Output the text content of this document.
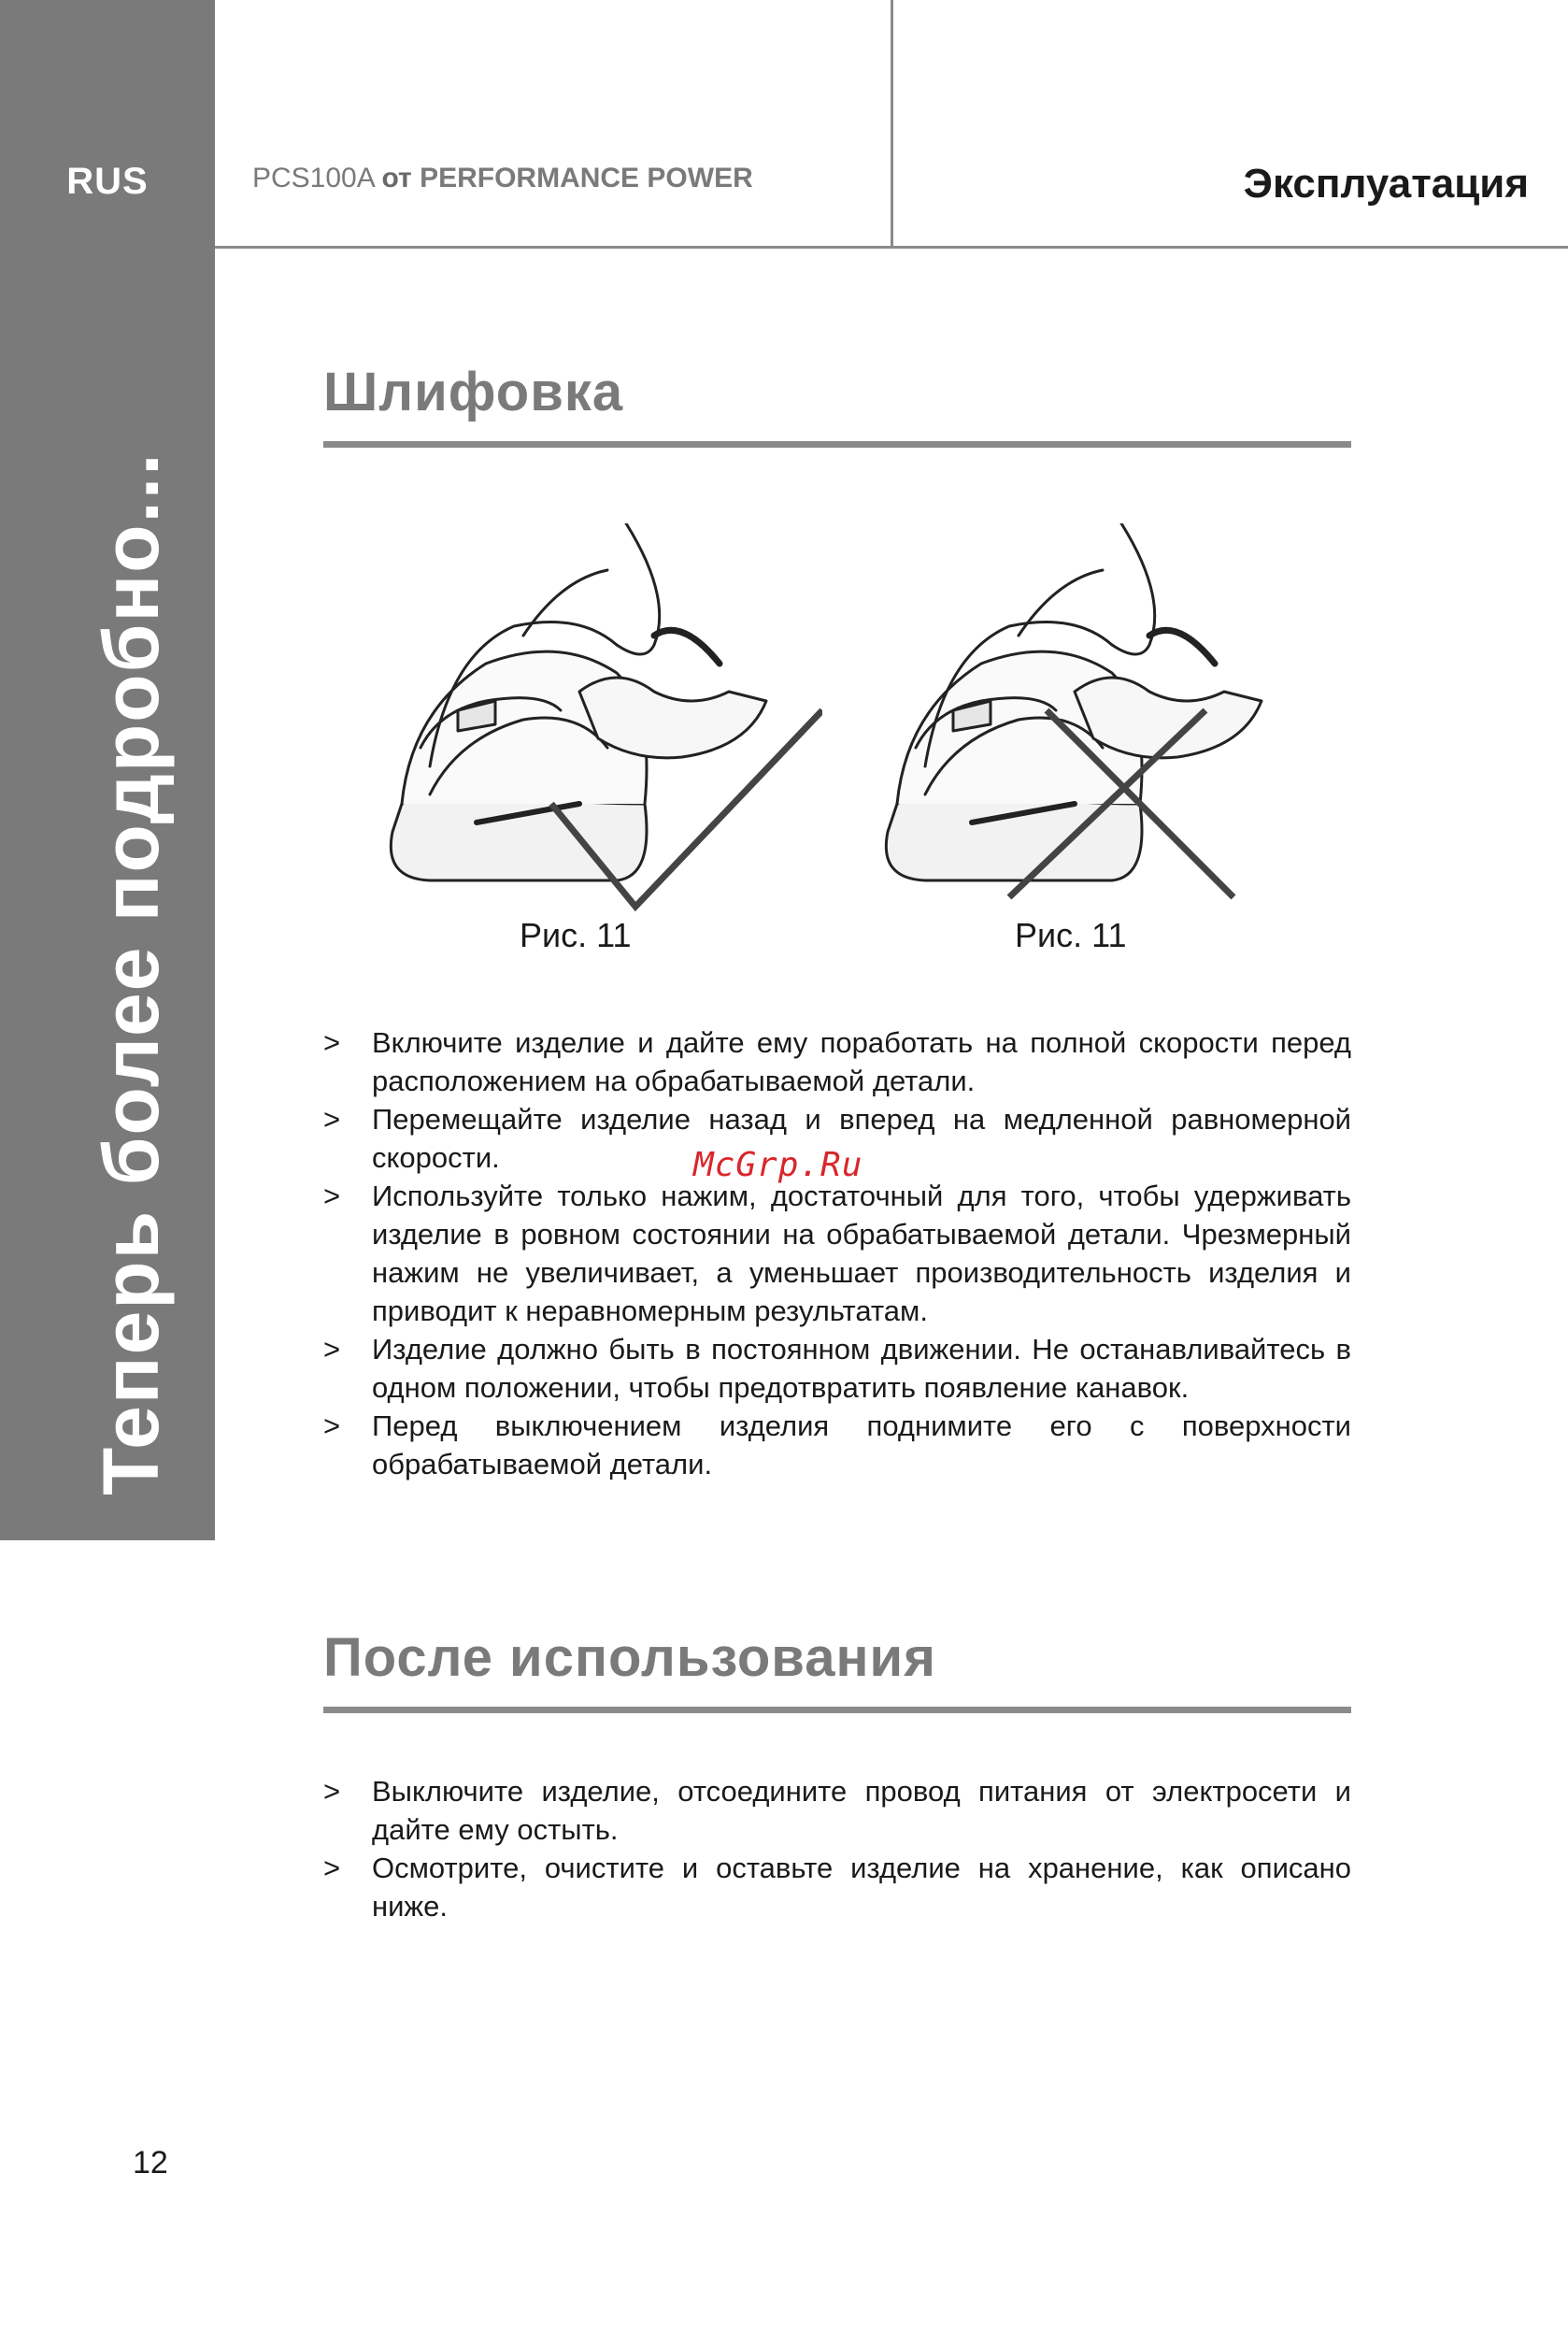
RUS
Теперь более подробно...
PCS100A от PERFORMANCE POWER	Эксплуатация
Шлифовка
Рис. 11	Рис. 11
> Включите изделие и дайте ему поработать на полной скорости перед расположением на обрабатываемой детали.
> Перемещайте изделие назад и вперед на медленной равномерной скорости.
> Используйте только нажим, достаточный для того, чтобы удерживать изделие в ровном состоянии на обрабатываемой детали. Чрезмерный нажим не увеличивает, а уменьшает производительность изделия и приводит к неравномерным результатам.
> Изделие должно быть в постоянном движении. Не останавливайтесь в одном положении, чтобы предотвратить появление канавок.
> Перед выключением изделия поднимите его с поверхности обрабатываемой детали.
McGrp.Ru
После использования
> Выключите изделие, отсоедините провод питания от электросети и дайте ему остыть.
> Осмотрите, очистите и оставьте изделие на хранение, как описано ниже.
12
